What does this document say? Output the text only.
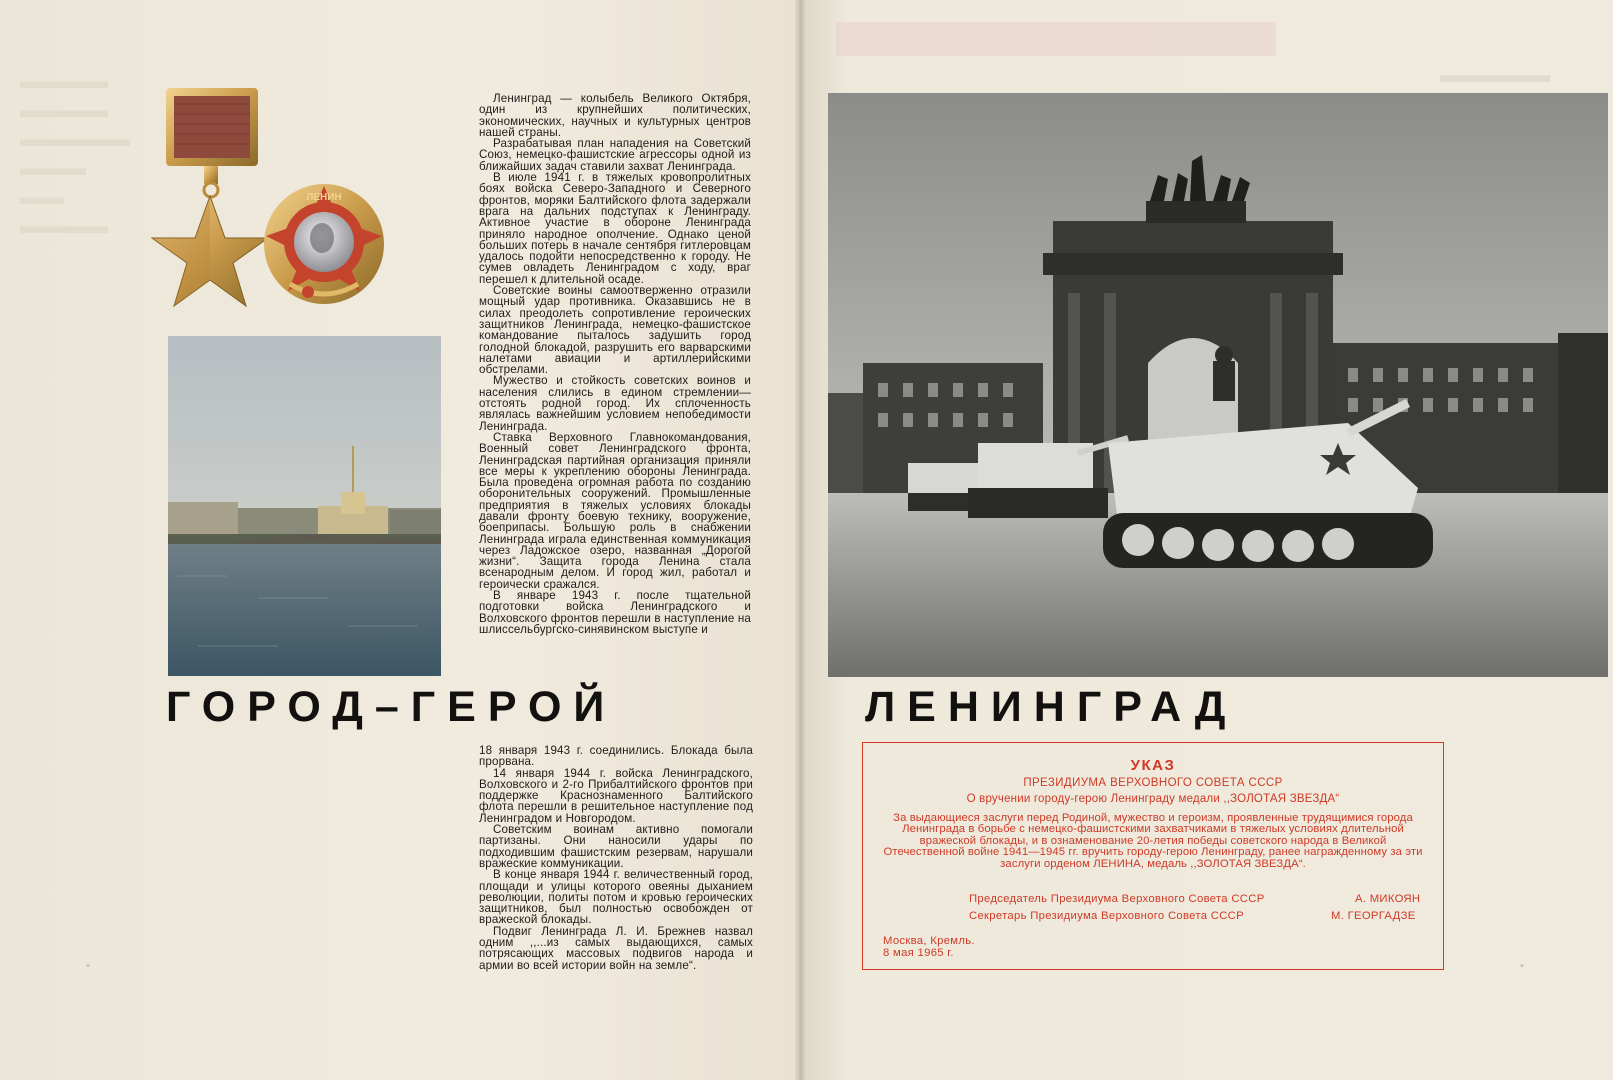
▬▬▬▬
▬▬▬▬
▬▬▬▬▬
▬▬▬
▬▬
▬▬▬▬
▬▬▬▬▬

▪	▪
ЛЕНИН

Ленинград — колыбель Великого Октября, один из крупнейших политических, экономических, научных и культурных центров нашей страны.

Разрабатывая план нападения на Советский Союз, немецко-фашистские агрессоры одной из ближайших задач ставили захват Ленинграда.

В июле 1941 г. в тяжелых кровопролитных боях войска Северо-Западного и Северного фронтов, моряки Балтийского флота задержали врага на дальних подступах к Ленинграду. Активное участие в обороне Ленинграда приняло народное ополчение. Однако ценой больших потерь в начале сентября гитлеровцам удалось подойти непосредственно к городу. Не сумев овладеть Ленинградом с ходу, враг перешел к длительной осаде.

Советские воины самоотверженно отразили мощный удар противника. Оказавшись не в силах преодолеть сопротивление героических защитников Ленинграда, немецко-фашистское командование пыталось задушить город голодной блокадой, разрушить его варварскими налетами авиации и артиллерийскими обстрелами.

Мужество и стойкость советских воинов и населения слились в едином стремлении—отстоять родной город. Их сплоченность являлась важнейшим условием непобедимости Ленинграда.

Ставка Верховного Главнокомандования, Военный совет Ленинградского фронта, Ленинградская партийная организация приняли все меры к укреплению обороны Ленинграда. Была проведена огромная работа по созданию оборонительных сооружений. Промышленные предприятия в тяжелых условиях блокады давали фронту боевую технику, вооружение, боеприпасы. Большую роль в снабжении Ленинграда играла единственная коммуникация через Ладожское озеро, названная „Дорогой жизни“. Защита города Ленина стала всенародным делом. И город жил, работал и героически сражался.

В январе 1943 г. после тщательной подготовки войска Ленинградского и Волховского фронтов перешли в наступление на шлиссельбургско-синявинском выступе и

ГОРОД–ГЕРОЙ	ЛЕНИНГРАД

18 января 1943 г. соединились. Блокада была прорвана.

14 января 1944 г. войска Ленинградского, Волховского и 2-го Прибалтийского фронтов при поддержке Краснознаменного Балтийского флота перешли в решительное наступление под Ленинградом и Новгородом.

Советским воинам активно помогали партизаны. Они наносили удары по подходившим фашистским резервам, нарушали вражеские коммуникации.

В конце января 1944 г. величественный город, площади и улицы которого овеяны дыханием революции, политы потом и кровью героических защитников, был полностью освобожден от вражеской блокады.

Подвиг Ленинграда Л. И. Брежнев назвал одним ,,...из самых выдающихся, самых потрясающих массовых подвигов народа и армии во всей истории войн на земле“.

УКАЗ
ПРЕЗИДИУМА ВЕРХОВНОГО СОВЕТА СССР
О вручении городу-герою Ленинграду медали ,,ЗОЛОТАЯ ЗВЕЗДА“
За выдающиеся заслуги перед Родиной, мужество и героизм, проявленные трудящимися города Ленинграда в борьбе с немецко-фашистскими захватчиками в тяжелых условиях длительной вражеской блокады, и в ознаменование 20-летия победы советского народа в Великой Отечественной войне 1941—1945 гг. вручить городу-герою Ленинграду, ранее награжденному за эти заслуги орденом ЛЕНИНА, медаль ,,ЗОЛОТАЯ ЗВЕЗДА“.
Председатель Президиума Верховного Совета СССР	А. МИКОЯН
Секретарь Президиума Верховного Совета СССР	М. ГЕОРГАДЗЕ
Москва, Кремль.
8 мая 1965 г.
